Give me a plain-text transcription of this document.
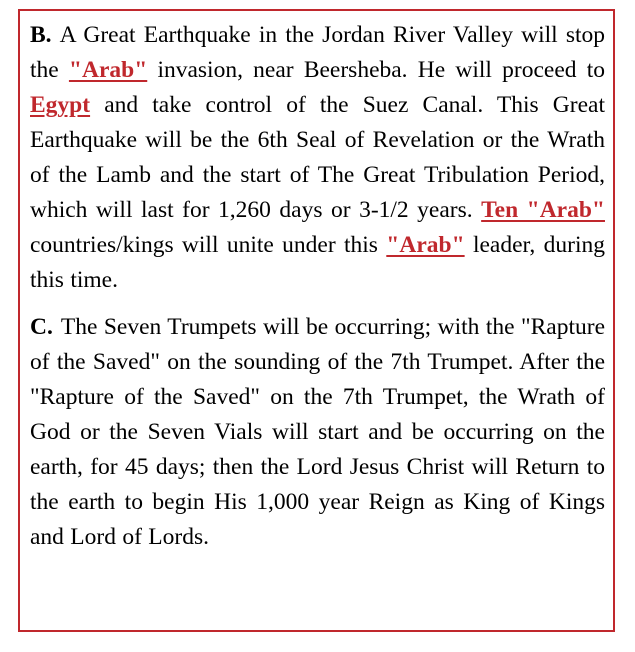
B. A Great Earthquake in the Jordan River Valley will stop the "Arab" invasion, near Beersheba. He will proceed to Egypt and take control of the Suez Canal. This Great Earthquake will be the 6th Seal of Revelation or the Wrath of the Lamb and the start of The Great Tribulation Period, which will last for 1,260 days or 3-1/2 years. Ten "Arab" countries/kings will unite under this "Arab" leader, during this time.

C. The Seven Trumpets will be occurring; with the "Rapture of the Saved" on the sounding of the 7th Trumpet. After the "Rapture of the Saved" on the 7th Trumpet, the Wrath of God or the Seven Vials will start and be occurring on the earth, for 45 days; then the Lord Jesus Christ will Return to the earth to begin His 1,000 year Reign as King of Kings and Lord of Lords.
